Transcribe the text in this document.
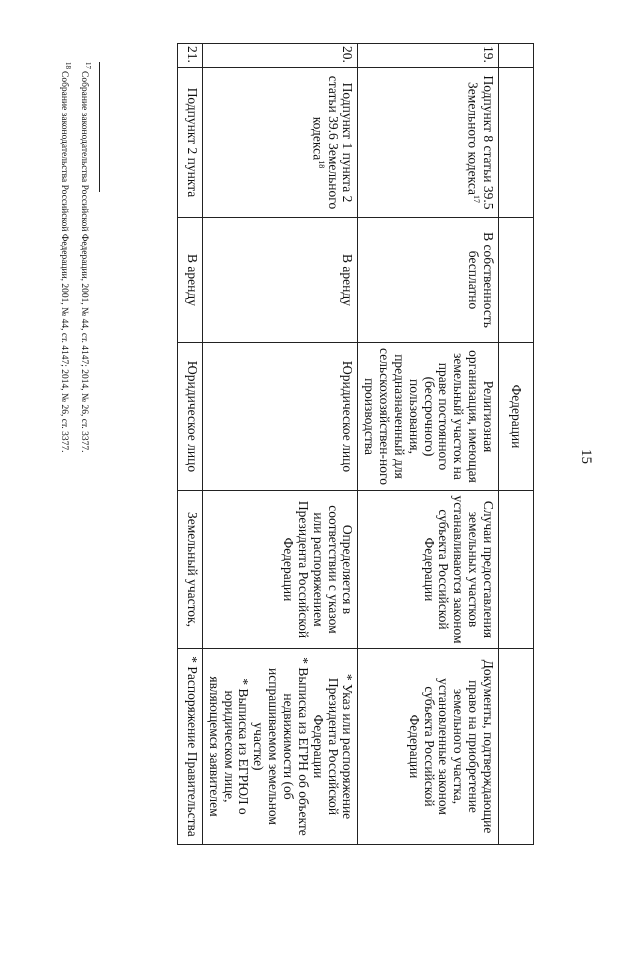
15
			Федерации		
19.	Подпункт 8 статьи 39.5 Земельного кодекса$^{17}$	В собственность бесплатно	Религиозная организация, имеющая земельный участок на праве постоянного (бессрочного) пользования, предназначенный для сельскохозяйствен-ного производства	Случаи предоставления земельных участков устанавливаются законом субъекта Российской Федерации	Документы, подтверждающие право на приобретение земельного участка, установленные законом субъекта Российской Федерации
20.	Подпункт 1 пункта 2 статьи 39.6 Земельного кодекса$^{18}$	В аренду	Юридическое лицо	Определяется в соответствии с указом или распоряжением Президента Российской Федерации	* Указ или распоряжение Президента Российской Федерации
* Выписка из ЕГРН об объекте недвижимости (об испрашиваемом земельном участке)
* Выписка из ЕГРЮЛ о юридическом лице, являющемся заявителем

21.	Подпункт 2 пункта	В аренду	Юридическое лицо	Земельный участок,	* Распоряжение Правительства
$^{17}$Собрание законодательства Российской Федерации, 2001, № 44, ст. 4147; 2014, № 26, ст. 3377.
$^{18}$Собрание законодательства Российской Федерации, 2001, № 44, ст. 4147; 2014, № 26, ст. 3377.
